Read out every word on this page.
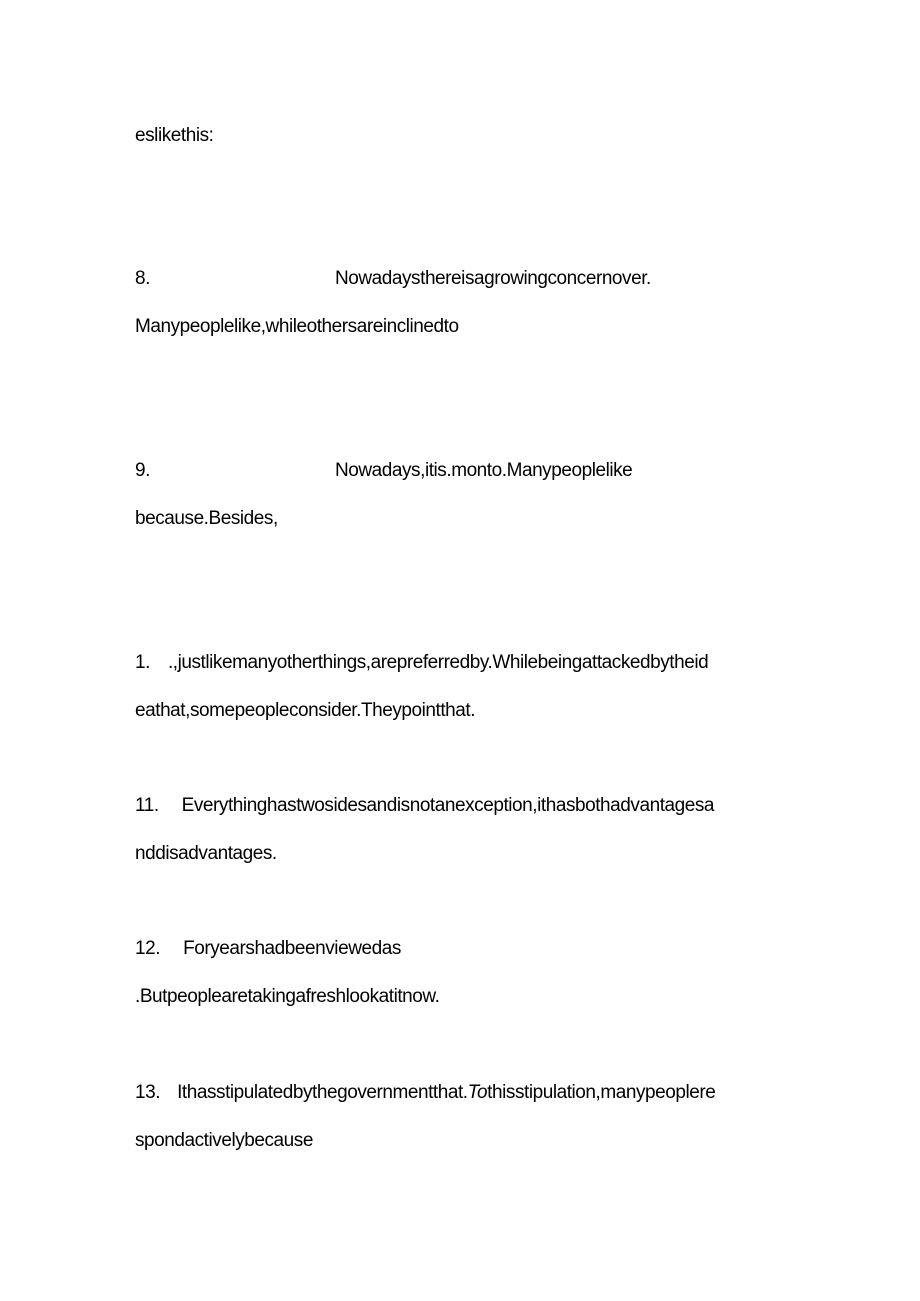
eslikethis:
8.	Nowadaysthereisagrowingconcernover.
Manypeoplelike,whileothersareinclinedto
9.	Nowadays,itis.monto.Manypeoplelike
because.Besides,
1. .,justlikemanyotherthings,arepreferredby.Whilebeingattackedbytheid
eathat,somepeopleconsider.Theypointthat.
11. Everythinghastwosidesandisnotanexception,ithasbothadvantagesa
nddisadvantages.
12. Foryearshadbeenviewedas
.Butpeoplearetakingafreshlookatitnow.
13. Ithasstipulatedbythegovernmentthat.Tothisstipulation,manypeoplere
spondactivelybecause
